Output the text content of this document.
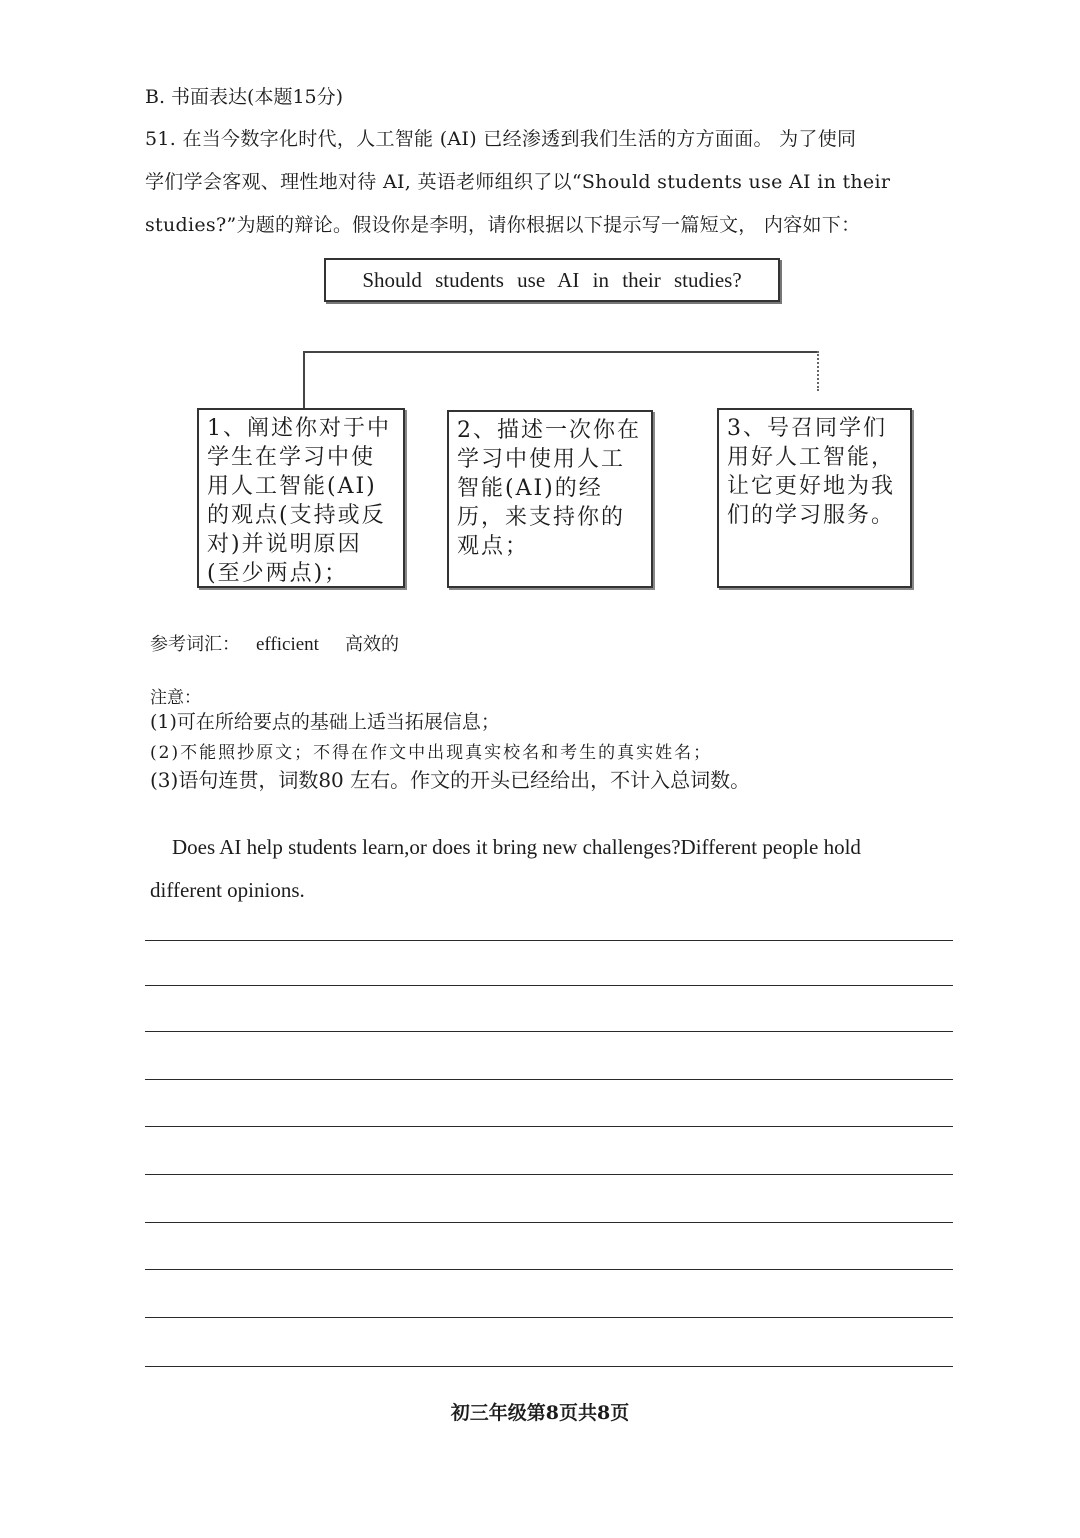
B. 书面表达(本题15分)
51. 在当今数字化时代，人工智能 (AI) 已经渗透到我们生活的方方面面。 为了使同
学们学会客观、理性地对待 AI, 英语老师组织了以“Should students use AI in their
studies?”为题的辩论。假设你是李明，请你根据以下提示写一篇短文， 内容如下：
Should students use AI in their studies?
1、阐述你对于中学生在学习中使用人工智能(AI)的观点(支持或反对)并说明原因(至少两点)；
2、描述一次你在学习中使用人工智能(AI)的经历，来支持你的观点；
3、号召同学们用好人工智能，让它更好地为我们的学习服务。
参考词汇： efficient 高效的
注意：
(1)可在所给要点的基础上适当拓展信息；
(2)不能照抄原文；不得在作文中出现真实校名和考生的真实姓名；
(3)语句连贯，词数80 左右。作文的开头已经给出，不计入总词数。
Does AI help students learn,or does it bring new challenges?Different people hold different opinions.
初三年级第8页共8页
